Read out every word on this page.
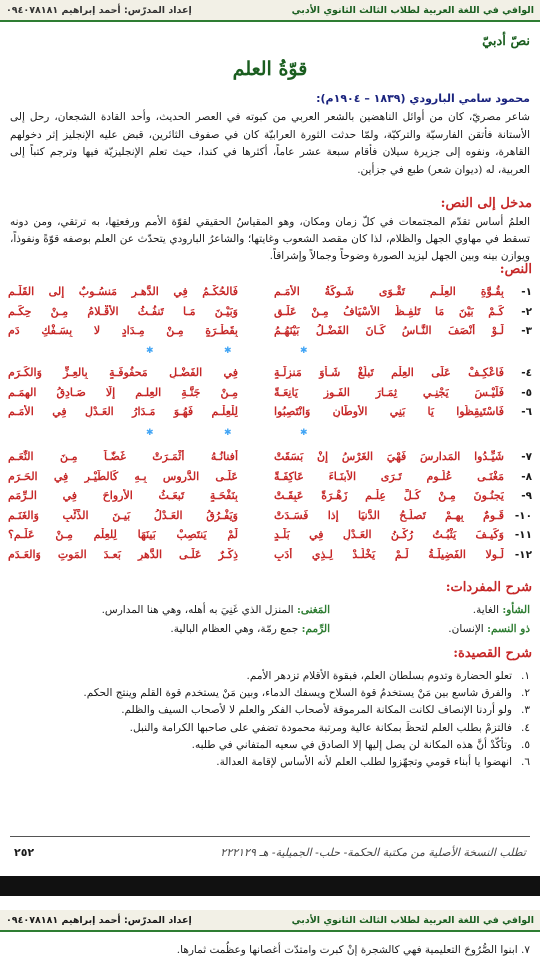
الوافي في اللغة العربية لطلاب الثالث الثانوي الأدبي
إعداد المدرّس: أحمد إبراهيم ٠٩٤٠٧٨١٨١
نصّ أدبيّ
قوّةُ العلم
محمود سامي البارودي (١٨٣٩ – ١٩٠٤م):
شاعر مصريّ، كان من أوائل الناهضين بالشعر العربي من كبوته في العصر الحديث، وأحد القادة الشجعان، رحل إلى الأستانة فأتقن الفارسيّة والتركيّة، ولمّا حدثت الثورة العرابيّة كان في صفوف الثائرين، قبض عليه الإنجليز إثر دخولهم القاهرة، ونفوه إلى جزيرة سيلان فأقام سبعة عشر عاماً، أكثرها في كندا، حيث تعلم الإنجليزيّة فيها وترجم كتباً إلى العربية، له (ديوان شعر) طبع في جزأين.
مدخل إلى النص:
العلمُ أساس تقدّم المجتمعات في كلّ زمان ومكان، وهو المقياسُ الحقيقي لقوّة الأمم ورفعتِها، به ترتقي، ومن دونه تسقط في مهاوي الجهل والظلام، لذا كان مقصد الشعوب وغايتها؛ والشاعرُ البارودي يتحدّث عن العلم بوصفه قوّةً ونفوذاً، ويوازن بينه وبين الجهل ليزيد الصورة وضوحاً وجمالاً وإشراقاً.
النص:
١-
بِقُـوَّةِ العِلْـمِ تَقْـوَى شَـوكَةُ الأُمَـمِ
فَالحُكْـمُ فِي الدَّهـرِ مَنسُـوبٌ إلى القَلَـمِ
٢-
كَـمْ بَيْنَ مَا تَلفِـظُ الأَسْيَافُ مِـنْ عَلَـقٍ
وَبَيْـنَ مَـا تَنفُـثُ الأَقْـلامُ مِـنْ حِكَـمِ
٣-
لَـوْ أَنْصَفَ النَّـاسُ كَـانَ الفَضْـلُ بَيْنَهُـمُ
بِقَطْـرَةٍ مِـنْ مِـدَادٍ لا بِسَـفْكِ دَمِ
✱	✱	✱
٤-
فَاعْكِـفْ عَلَى العِلْمِ تَبلُغْ شَـأْوَ مَنزِلَـةٍ
فِي الفَضْـلِ مَحفُوفَـةٍ بِالعِـزِّ وَالكَـرَمِ
٥-
فَلَيْـسَ يَجْنِـي ثِمَـارَ الفَـوزِ يَانِعَـةً
مِـنْ جَنَّـةِ العِلـمِ إلّا صَـادِقُ الهِمَـمِ
٦-
فَاسْتَيقِظُوا يَا بَنِي الأَوطَانِ وَانْتَصِبُوا
لِلْعِلْـمِ فَهُـوَ مَـدَارُ العَـدْلِ فِي الأُمَـمِ
✱	✱	✱
٧-
شَيِّـدُوا المَدارسَ فَهْيَ الغَرْسُ إنْ بَسَقَتْ
أَفنانُـهُ أَثْمَـرَتْ غَضّـاً مِـنَ النِّعَـمِ
٨-
مَغْنَـى عُلُـومٍ تَـرَى الأَبنَـاءَ عَاكِفَـةً
عَلَـى الدُّروسِ بِـهِ كَالطَّيْـرِ فِي الحَـرَمِ
٩-
يَجنُـونَ مِـنْ كُـلِّ عِلْـمٍ زَهْـرَةً عَبِقَـتْ
بِنَفْحَـةٍ تَبعَـثُ الأَرواحَ فِي الـرِّمَمِ
١٠-
قَـومٌ بِهِـمْ تَصلُـحُ الدُّنيَا إذا فَسَـدَتْ
وَيَفْـرُقُ العَـدْلُ بَيـنَ الذِّئْبِ وَالغَنَـمِ
١١-
وَكَيـفَ يَثْبُـتُ رُكْـنُ العَـدْلِ فِي بَلَـدٍ
لَمْ يَنتَصِبْ بَينَهَا لِلعِلْمِ مِـنْ عَلَـمِ؟
١٢-
لَـولا الفَضِيلَـةُ لَـمْ يَخْلُـدْ لِـذِي أَدَبٍ
ذِكْـرٌ عَلَـى الدَّهرِ بَعـدَ المَوتِ وَالعَـدَمِ
شرح المفردات:
الشأو: الغاية.
المَغنى: المنزل الذي غَنِيَ به أهله، وهي هنا المدارس.
ذو النسم: الإنسان.
الرِّمم: جمع رمّة، وهي العظام البالية.
شرح القصيدة:
١.تعلو الحضارة وتدوم بسلطان العلم، فبقوة الأقلام تزدهر الأمم.
٢.والفرق شاسع بين مَنْ يستخدمُ قوة السلاح ويسفك الدماء، وبين مَنْ يستخدم قوة القلم وينتج الحكم.
٣.ولو أردنا الإنصاف لكانت المكانة المرموقة لأصحاب الفكر والعلم لا لأصحاب السيف والظلم.
٤.فالتزمْ بطلب العلم لتحظَ بمكانة عالية ومرتبة محمودة تضفي على صاحبها الكرامة والنبل.
٥.وتأكّدْ أنَّ هذه المكانة لن يصل إليها إلا الصادق في سعيه المتفاني في طلبه.
٦.انهضوا يا أبناء قومي وتجهّزوا لطلب العلم لأنه الأساس لإقامة العدالة.
٢٥٢	تطلب النسخة الأصلية من مكتبة الحكمة- حلب- الجميلية- هـ ٢٢٢١٢٩
الوافي في اللغة العربية لطلاب الثالث الثانوي الأدبي
إعداد المدرّس: أحمد إبراهيم ٠٩٤٠٧٨١٨١
٧. ابنوا الصُّرُوحَ التعليمية فهي كالشجرة إنْ كبرت وامتدّت أغصانها وعظُمت ثمارها.
